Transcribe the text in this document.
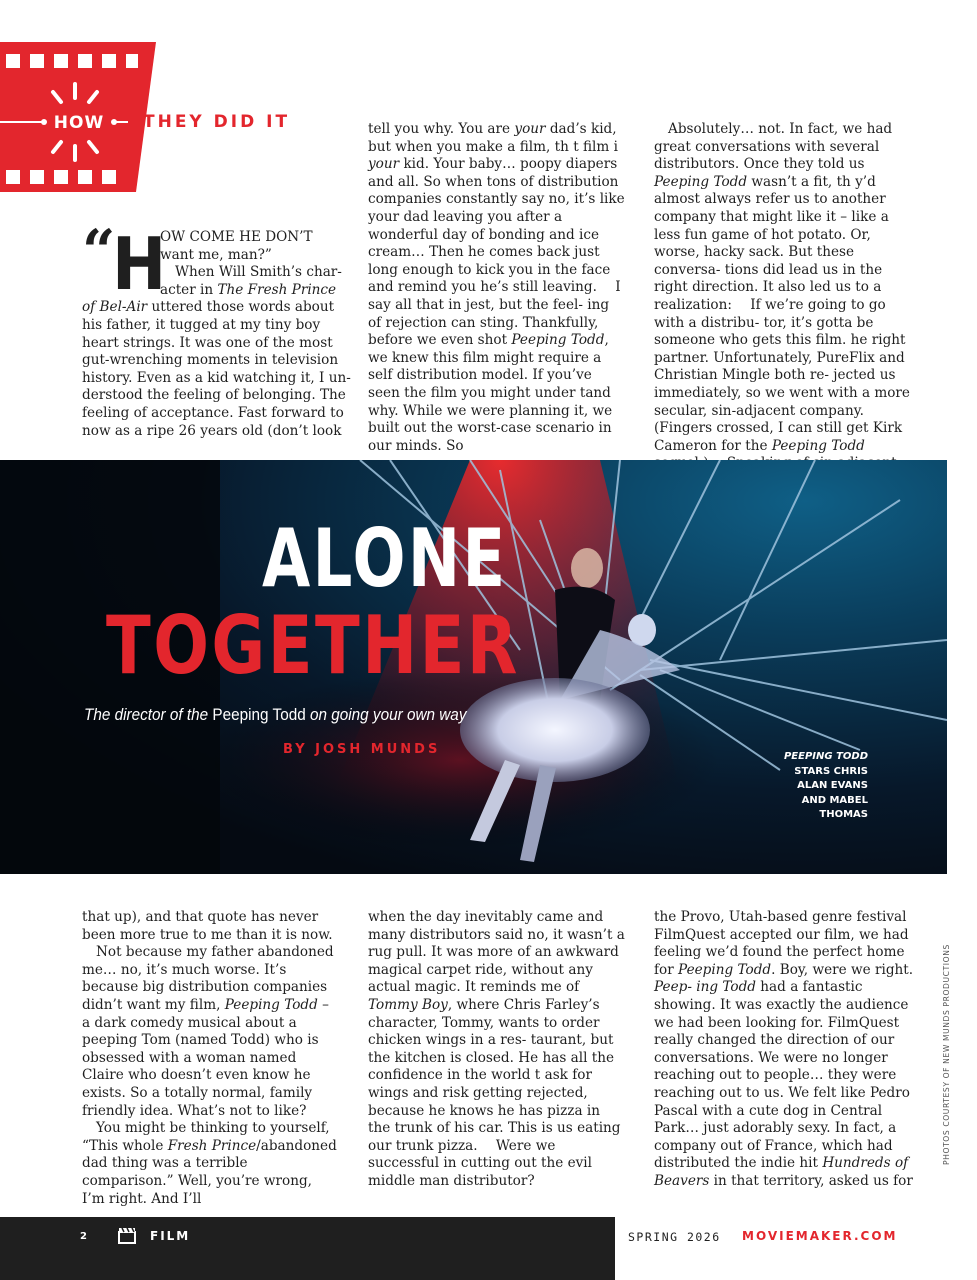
HOW THEY DID IT
“
H
OW COME HE DON’T
want me, man?”
When Will Smith’s char-
acter in The Fresh Prince
of Bel-Air uttered those words about
his father, it tugged at my tiny boy
heart strings. It was one of the most
gut-wrenching moments in television
history. Even as a kid watching it, I un-
derstood the feeling of belonging. The
feeling of acceptance. Fast forward to
now as a ripe 26 years old (don’t look
tell you why. You are your dad’s kid, but when you make a film, th t film i your kid. Your baby… poopy diapers and all. So when tons of distribution companies constantly say no, it’s like your dad leaving you after a wonderful day of bonding and ice cream… Then he comes back just long enough to kick you in the face and remind you he’s still leaving. I say all that in jest, but the feel- ing of rejection can sting. Thankfully, before we even shot Peeping Todd, we knew this film might require a self distribution model. If you’ve seen the film you might under tand why. While we were planning it, we built out the worst-case scenario in our minds. So
Absolutely… not. In fact, we had great conversations with several distributors. Once they told us Peeping Todd wasn’t a fit, th y’d almost always refer us to another company that might like it – like a less fun game of hot potato. Or, worse, hacky sack. But these conversa- tions did lead us in the right direction. It also led us to a realization: If we’re going to go with a distribu- tor, it’s gotta be someone who gets this film. he right partner. Unfortunately, PureFlix and Christian Mingle both re- jected us immediately, so we went with a more secular, sin-adjacent company. (Fingers crossed, I can still get Kirk Cameron for the Peeping Todd
ALONE
TOGETHER
The director of the Peeping Todd on going your own way
BY JOSH MUNDS	PEEPING TODD
STARS CHRIS
ALAN EVANS
AND MABEL
THOMAS
that up), and that quote has never been more true to me than it is now. Not because my father abandoned me… no, it’s much worse. It’s because big distribution companies didn’t want my film, Peeping Todd – a dark comedy musical about a peeping Tom (named Todd) who is obsessed with a woman named Claire who doesn’t even know he exists. So a totally normal, family friendly idea. What’s not to like? You might be thinking to yourself, “This whole Fresh Prince/abandoned dad thing was a terrible comparison.” Well, you’re wrong, I’m right. And I’ll
when the day inevitably came and many distributors said no, it wasn’t a rug pull. It was more of an awkward magical carpet ride, without any actual magic. It reminds me of Tommy Boy, where Chris Farley’s character, Tommy, wants to order chicken wings in a res- taurant, but the kitchen is closed. He has all the confidence in the world t ask for wings and risk getting rejected, because he knows he has pizza in the trunk of his car. This is us eating our trunk pizza. Were we successful in cutting out the evil middle man distributor?
the Provo, Utah-based genre festival FilmQuest accepted our film, we had feeling we’d found the perfect home for Peeping Todd. Boy, were we right. Peep- ing Todd had a fantastic showing. It was exactly the audience we had been looking for. FilmQuest really changed the direction of our conversations. We were no longer reaching out to people… they were reaching out to us. We felt like Pedro Pascal with a cute dog in Central Park… just adorably sexy. In fact, a company out of France, which had distributed the indie hit Hundreds of Beavers in that territory, asked us for
PHOTOS COURTESY OF NEW MUNDS PRODUCTIONS
2	FILM	SPRING 2026 MOVIEMAKER.COM
